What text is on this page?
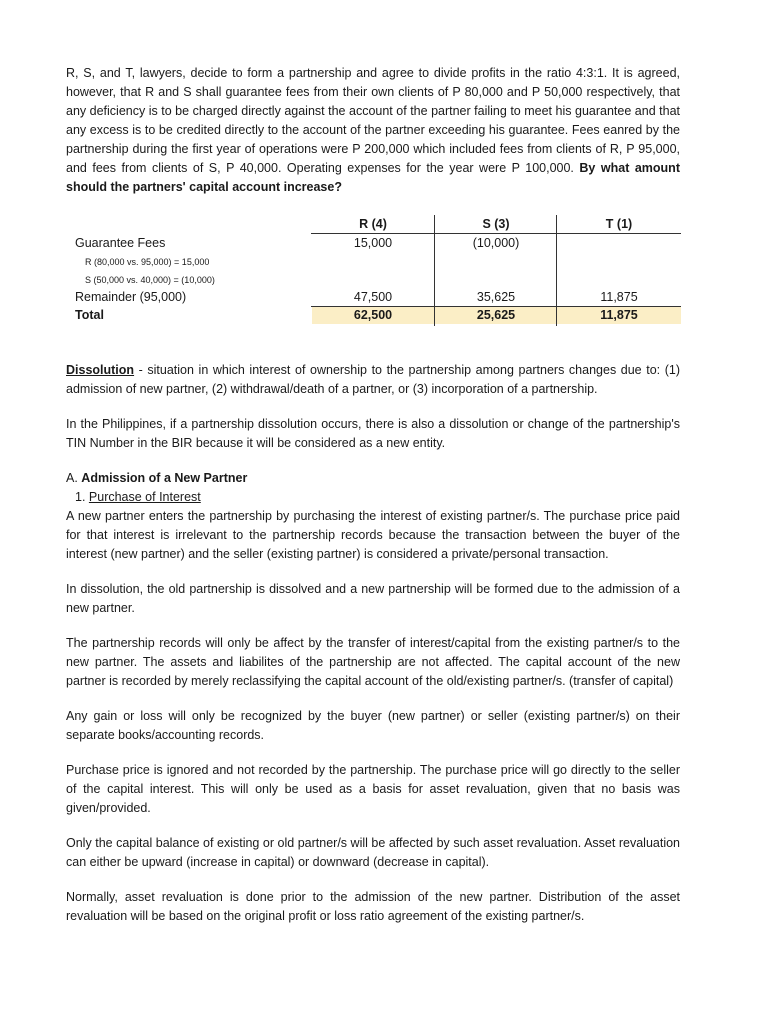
R, S, and T, lawyers, decide to form a partnership and agree to divide profits in the ratio 4:3:1. It is agreed, however, that R and S shall guarantee fees from their own clients of P 80,000 and P 50,000 respectively, that any deficiency is to be charged directly against the account of the partner failing to meet his guarantee and that any excess is to be credited directly to the account of the partner exceeding his guarantee. Fees eanred by the partnership during the first year of operations were P 200,000 which included fees from clients of R, P 95,000, and fees from clients of S, P 40,000. Operating expenses for the year were P 100,000. By what amount should the partners' capital account increase?

R (4)	S (3)	T (1)
Guarantee Fees	15,000	(10,000)
R (80,000 vs. 95,000) = 15,000
S (50,000 vs. 40,000) = (10,000)
Remainder (95,000)	47,500	35,625	11,875
Total	62,500	25,625	11,875

Dissolution - situation in which interest of ownership to the partnership among partners changes due to: (1) admission of new partner, (2) withdrawal/death of a partner, or (3) incorporation of a partnership.

In the Philippines, if a partnership dissolution occurs, there is also a dissolution or change of the partnership's TIN Number in the BIR because it will be considered as a new entity.

A. Admission of a New Partner
1. Purchase of Interest

A new partner enters the partnership by purchasing the interest of existing partner/s. The purchase price paid for that interest is irrelevant to the partnership records because the transaction between the buyer of the interest (new partner) and the seller (existing partner) is considered a private/personal transaction.

In dissolution, the old partnership is dissolved and a new partnership will be formed due to the admission of a new partner.

The partnership records will only be affect by the transfer of interest/capital from the existing partner/s to the new partner. The assets and liabilites of the partnership are not affected. The capital account of the new partner is recorded by merely reclassifying the capital account of the old/existing partner/s. (transfer of capital)

Any gain or loss will only be recognized by the buyer (new partner) or seller (existing partner/s) on their separate books/accounting records.

Purchase price is ignored and not recorded by the partnership. The purchase price will go directly to the seller of the capital interest. This will only be used as a basis for asset revaluation, given that no basis was given/provided.

Only the capital balance of existing or old partner/s will be affected by such asset revaluation. Asset revaluation can either be upward (increase in capital) or downward (decrease in capital).

Normally, asset revaluation is done prior to the admission of the new partner. Distribution of the asset revaluation will be based on the original profit or loss ratio agreement of the existing partner/s.
